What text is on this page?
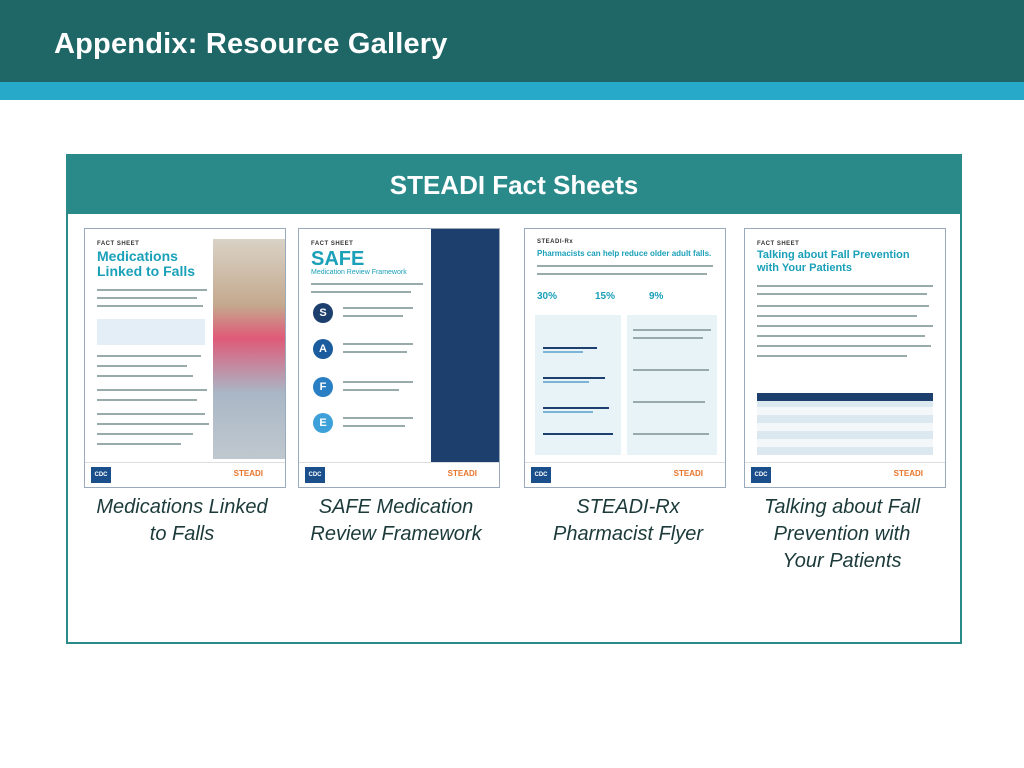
Appendix: Resource Gallery
STEADI Fact Sheets
FACT SHEET
Medications
Linked to Falls
CDC	STEADI
FACT SHEET
SAFE
Medication Review Framework
S
A
F
E
CDC	STEADI
STEADI-Rx
Pharmacists can help reduce older adult falls.
30%	15%	9%
CDC	STEADI
FACT SHEET
Talking about Fall Prevention
with Your Patients
CDC	STEADI
Medications Linked
to Falls
SAFE Medication
Review Framework
STEADI-Rx
Pharmacist Flyer
Talking about Fall
Prevention with
Your Patients
